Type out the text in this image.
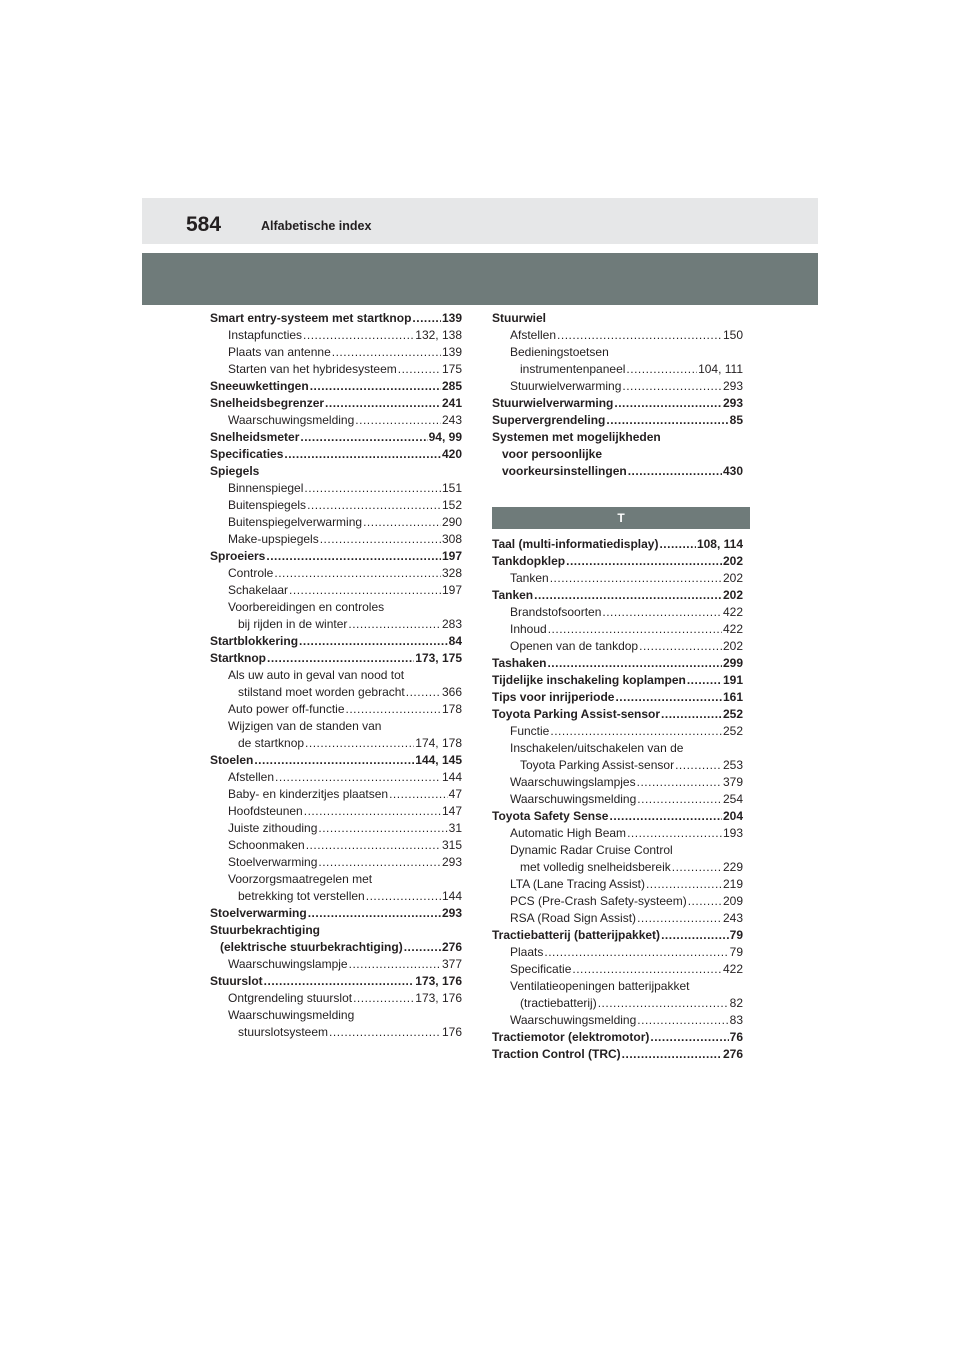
584	Alfabetische index
Smart entry-systeem met startknop .....	139
Instapfuncties .....	132, 138
Plaats van antenne .....	139
Starten van het hybridesysteem .....	175
Sneeuwkettingen .....	285
Snelheidsbegrenzer .....	241
Waarschuwingsmelding .....	243
Snelheidsmeter .....	94, 99
Specificaties .....	420
Spiegels
Binnenspiegel .....	151
Buitenspiegels .....	152
Buitenspiegelverwarming .....	290
Make-upspiegels .....	308
Sproeiers .....	197
Controle .....	328
Schakelaar .....	197
Voorbereidingen en controles
bij rijden in de winter .....	283
Startblokkering .....	84
Startknop .....	173, 175
Als uw auto in geval van nood tot
stilstand moet worden gebracht .....	366
Auto power off-functie .....	178
Wijzigen van de standen van
de startknop .....	174, 178
Stoelen .....	144, 145
Afstellen .....	144
Baby- en kinderzitjes plaatsen .....	47
Hoofdsteunen .....	147
Juiste zithouding .....	31
Schoonmaken .....	315
Stoelverwarming .....	293
Voorzorgsmaatregelen met
betrekking tot verstellen .....	144
Stoelverwarming .....	293
Stuurbekrachtiging
(elektrische stuurbekrachtiging) .....	276
Waarschuwingslampje .....	377
Stuurslot .....	173, 176
Ontgrendeling stuurslot .....	173, 176
Waarschuwingsmelding
stuurslotsysteem .....	176
Stuurwiel
Afstellen .....	150
Bedieningstoetsen
instrumentenpaneel .....	104, 111
Stuurwielverwarming .....	293
Stuurwielverwarming .....	293
Supervergrendeling .....	85
Systemen met mogelijkheden
voor persoonlijke
voorkeursinstellingen .....	430
T
Taal (multi-informatiedisplay) .....	108, 114
Tankdopklep .....	202
Tanken .....	202
Tanken .....	202
Brandstofsoorten .....	422
Inhoud .....	422
Openen van de tankdop .....	202
Tashaken .....	299
Tijdelijke inschakeling koplampen .....	191
Tips voor inrijperiode .....	161
Toyota Parking Assist-sensor .....	252
Functie .....	252
Inschakelen/uitschakelen van de
Toyota Parking Assist-sensor .....	253
Waarschuwingslampjes .....	379
Waarschuwingsmelding .....	254
Toyota Safety Sense .....	204
Automatic High Beam .....	193
Dynamic Radar Cruise Control
met volledig snelheidsbereik .....	229
LTA (Lane Tracing Assist) .....	219
PCS (Pre-Crash Safety-systeem) .....	209
RSA (Road Sign Assist) .....	243
Tractiebatterij (batterijpakket) .....	79
Plaats .....	79
Specificatie .....	422
Ventilatieopeningen batterijpakket
(tractiebatterij) .....	82
Waarschuwingsmelding .....	83
Tractiemotor (elektromotor) .....	76
Traction Control (TRC) .....	276
